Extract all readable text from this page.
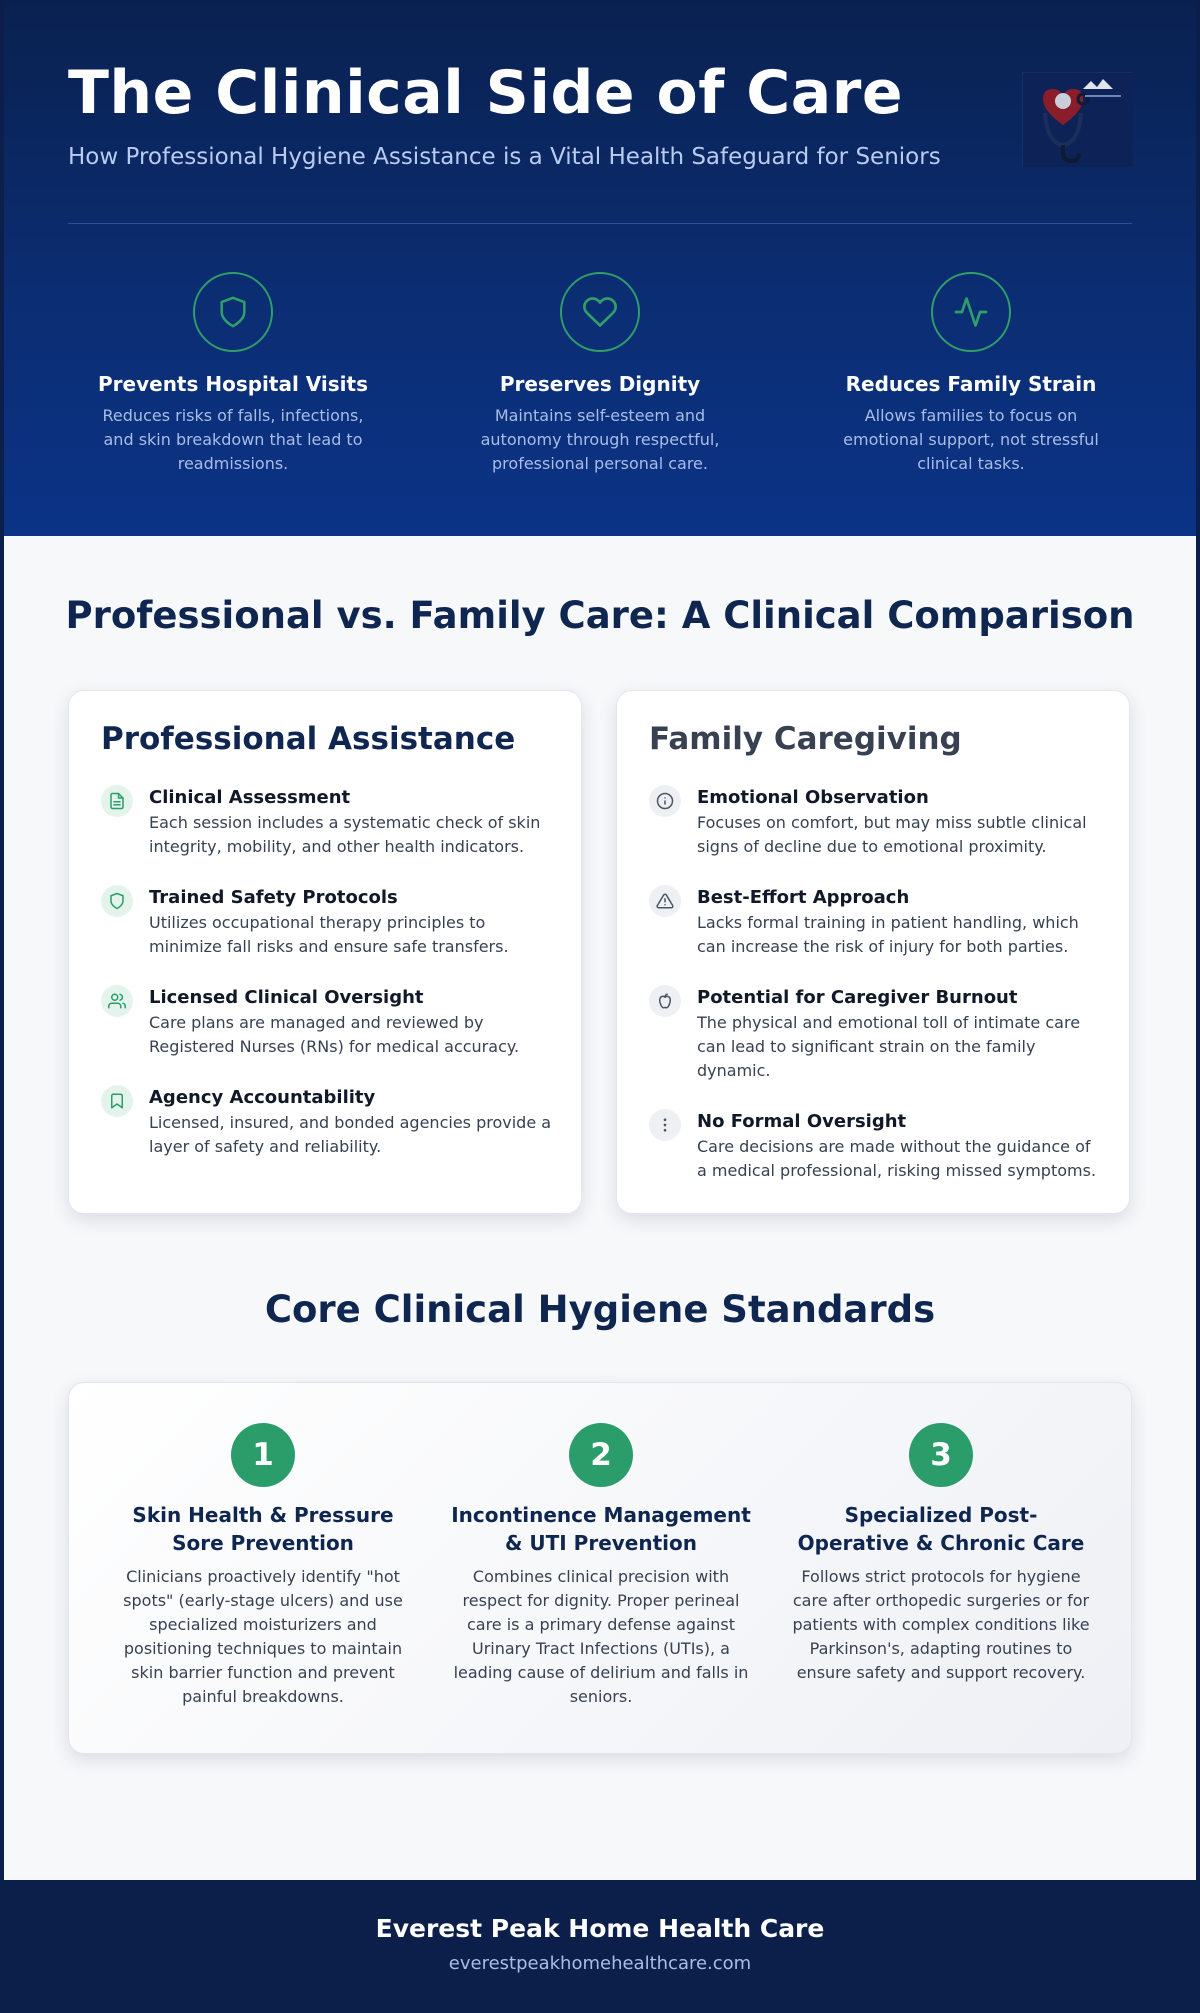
The Clinical Side of Care
How Professional Hygiene Assistance is a Vital Health Safeguard for Seniors
Prevents Hospital Visits

Reduces risks of falls, infections, and skin breakdown that lead to readmissions.

Preserves Dignity

Maintains self-esteem and autonomy through respectful, professional personal care.

Reduces Family Strain

Allows families to focus on emotional support, not stressful clinical tasks.

Professional vs. Family Care: A Clinical Comparison
Professional Assistance
Clinical Assessment

Each session includes a systematic check of skin integrity, mobility, and other health indicators.

Trained Safety Protocols

Utilizes occupational therapy principles to minimize fall risks and ensure safe transfers.

Licensed Clinical Oversight

Care plans are managed and reviewed by Registered Nurses (RNs) for medical accuracy.

Agency Accountability

Licensed, insured, and bonded agencies provide a layer of safety and reliability.

Family Caregiving
Emotional Observation

Focuses on comfort, but may miss subtle clinical signs of decline due to emotional proximity.

Best-Effort Approach

Lacks formal training in patient handling, which can increase the risk of injury for both parties.

Potential for Caregiver Burnout

The physical and emotional toll of intimate care can lead to significant strain on the family dynamic.

No Formal Oversight

Care decisions are made without the guidance of a medical professional, risking missed symptoms.

Core Clinical Hygiene Standards
1
Skin Health & Pressure Sore Prevention

Clinicians proactively identify "hot spots" (early-stage ulcers) and use specialized moisturizers and positioning techniques to maintain skin barrier function and prevent painful breakdowns.

2
Incontinence Management & UTI Prevention

Combines clinical precision with respect for dignity. Proper perineal care is a primary defense against Urinary Tract Infections (UTIs), a leading cause of delirium and falls in seniors.

3
Specialized Post-Operative & Chronic Care

Follows strict protocols for hygiene care after orthopedic surgeries or for patients with complex conditions like Parkinson's, adapting routines to ensure safety and support recovery.

Everest Peak Home Health Care
everestpeakhomehealthcare.com
